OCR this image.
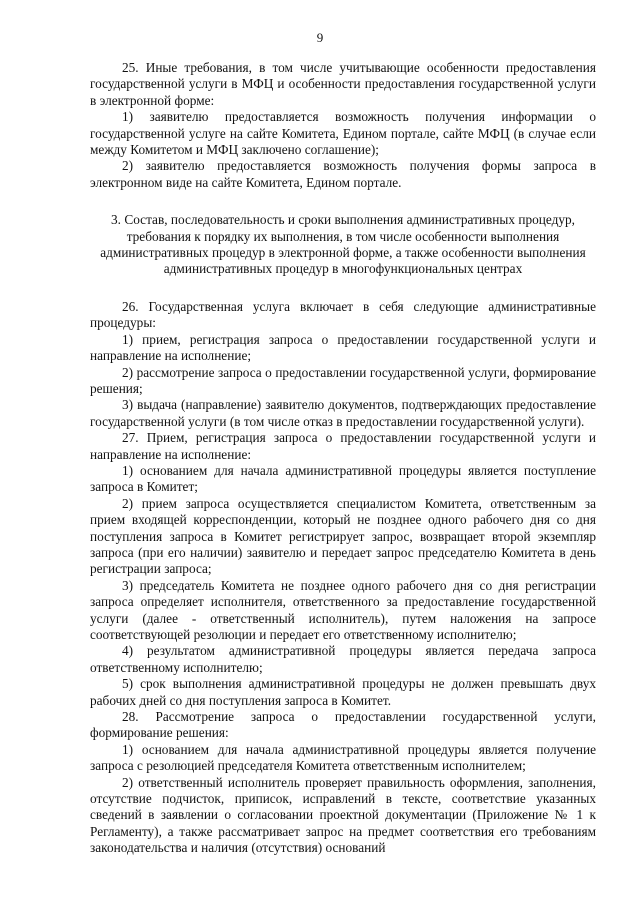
9

25. Иные требования, в том числе учитывающие особенности предоставления государственной услуги в МФЦ и особенности предоставления государственной услуги в электронной форме:

1) заявителю предоставляется возможность получения информации о государственной услуге на сайте Комитета, Едином портале, сайте МФЦ (в случае если между Комитетом и МФЦ заключено соглашение);

2) заявителю предоставляется возможность получения формы запроса в электронном виде на сайте Комитета, Едином портале.

3. Состав, последовательность и сроки выполнения административных процедур, требования к порядку их выполнения, в том числе особенности выполнения административных процедур в электронной форме, а также особенности выполнения административных процедур в многофункциональных центрах

26. Государственная услуга включает в себя следующие административные процедуры:

1) прием, регистрация запроса о предоставлении государственной услуги и направление на исполнение;

2) рассмотрение запроса о предоставлении государственной услуги, формирование решения;

3) выдача (направление) заявителю документов, подтверждающих предоставление государственной услуги (в том числе отказ в предоставлении государственной услуги).

27. Прием, регистрация запроса о предоставлении государственной услуги и направление на исполнение:

1) основанием для начала административной процедуры является поступление запроса в Комитет;

2) прием запроса осуществляется специалистом Комитета, ответственным за прием входящей корреспонденции, который не позднее одного рабочего дня со дня поступления запроса в Комитет регистрирует запрос, возвращает второй экземпляр запроса (при его наличии) заявителю и передает запрос председателю Комитета в день регистрации запроса;

3) председатель Комитета не позднее одного рабочего дня со дня регистрации запроса определяет исполнителя, ответственного за предоставление государственной услуги (далее - ответственный исполнитель), путем наложения на запросе соответствующей резолюции и передает его ответственному исполнителю;

4) результатом административной процедуры является передача запроса ответственному исполнителю;

5) срок выполнения административной процедуры не должен превышать двух рабочих дней со дня поступления запроса в Комитет.

28. Рассмотрение запроса о предоставлении государственной услуги, формирование решения:

1) основанием для начала административной процедуры является получение запроса с резолюцией председателя Комитета ответственным исполнителем;

2) ответственный исполнитель проверяет правильность оформления, заполнения, отсутствие подчисток, приписок, исправлений в тексте, соответствие указанных сведений в заявлении о согласовании проектной документации (Приложение № 1 к Регламенту), а также рассматривает запрос на предмет соответствия его требованиям законодательства и наличия (отсутствия) оснований
